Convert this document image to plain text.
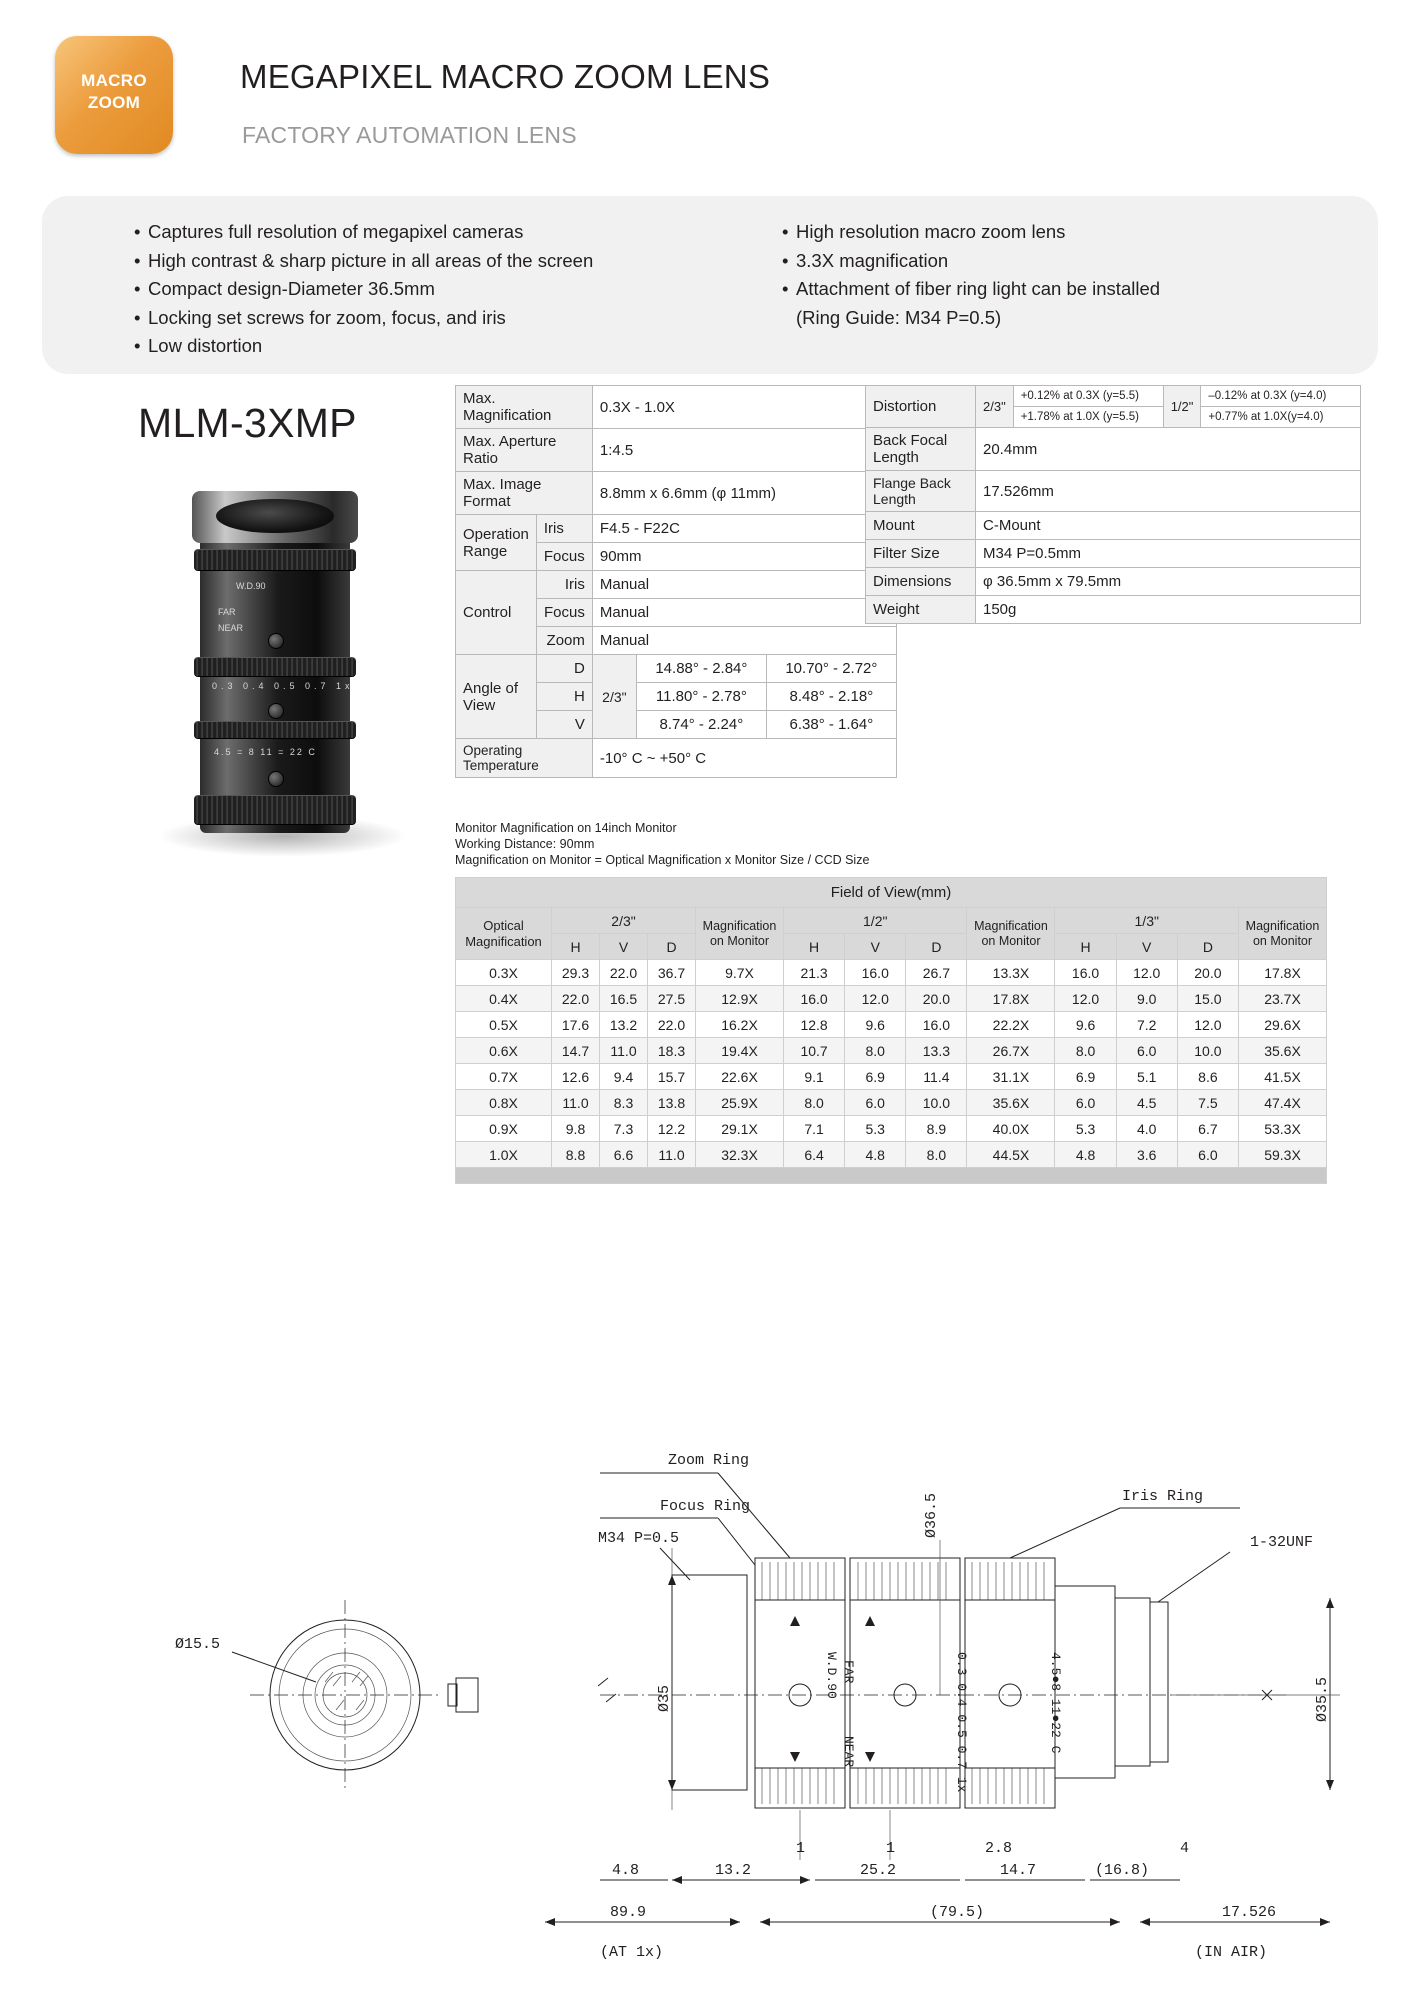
MACRO
ZOOM
MEGAPIXEL MACRO ZOOM LENS
FACTORY AUTOMATION LENS
• Captures full resolution of megapixel cameras
• High contrast & sharp picture in all areas of the screen
• Compact design-Diameter 36.5mm
• Locking set screws for zoom, focus, and iris
• Low distortion
• High resolution macro zoom lens
• 3.3X magnification
• Attachment of fiber ring light can be installed
(Ring Guide: M34 P=0.5)
MLM-3XMP
W.D.90
FAR
NEAR
0.3 0.4 0.5 0.7 1x
4.5 = 8 11 = 22 C
Max. Magnification		0.3X - 1.0X		
Max. Aperture Ratio		1:4.5		
Max. Image Format		8.8mm x 6.6mm (φ 11mm)		
Operation Range	Iris	F4.5 - F22C		
	Focus	90mm		
Control	Iris	Manual		
	Focus	Manual		
	Zoom	Manual		
Angle of View	D	2/3"	14.88° - 2.84°	10.70° - 2.72°
	H		11.80° - 2.78°	8.48° - 2.18°
	V		8.74° - 2.24°	6.38° - 1.64°
Operating Temperature		-10° C ~ +50° C		
Distortion	2/3"	+0.12% at 0.3X (y=5.5)	1/2"	–0.12% at 0.3X (y=4.0)
		+1.78% at 1.0X (y=5.5)		+0.77% at 1.0X(y=4.0)
Back Focal Length	20.4mm			
Flange Back Length	17.526mm			
Mount	C-Mount			
Filter Size	M34 P=0.5mm			
Dimensions	φ 36.5mm x 79.5mm			
Weight	150g			
Monitor Magnification on 14inch Monitor
Working Distance: 90mm
Magnification on Monitor = Optical Magnification x Monitor Size / CCD Size
Field of View(mm)												
Optical Magnification	2/3"			Magnification on Monitor	1/2"			Magnification on Monitor	1/3"			Magnification on Monitor
	H	V	D		H	V	D		H	V	D	
0.3X	29.3	22.0	36.7	9.7X	21.3	16.0	26.7	13.3X	16.0	12.0	20.0	17.8X
0.4X	22.0	16.5	27.5	12.9X	16.0	12.0	20.0	17.8X	12.0	9.0	15.0	23.7X
0.5X	17.6	13.2	22.0	16.2X	12.8	9.6	16.0	22.2X	9.6	7.2	12.0	29.6X
0.6X	14.7	11.0	18.3	19.4X	10.7	8.0	13.3	26.7X	8.0	6.0	10.0	35.6X
0.7X	12.6	9.4	15.7	22.6X	9.1	6.9	11.4	31.1X	6.9	5.1	8.6	41.5X
0.8X	11.0	8.3	13.8	25.9X	8.0	6.0	10.0	35.6X	6.0	4.5	7.5	47.4X
0.9X	9.8	7.3	12.2	29.1X	7.1	5.3	8.9	40.0X	5.3	4.0	6.7	53.3X
1.0X	8.8	6.6	11.0	32.3X	6.4	4.8	8.0	44.5X	4.8	3.6	6.0	59.3X

Ø15.5
FAR
NEAR
W.D.90	0.3 0.4 0.5 0.7 1x	4.5●8 11●22 C
Zoom Ring
Focus Ring
Iris Ring
M34 P=0.5	1-32UNF
Ø36.5
Ø35	Ø35.5
1	1	2.8	4
13.2
4.8	25.2	14.7	(16.8)
89.9
(AT 1x)
(79.5)	17.526
(IN AIR)
